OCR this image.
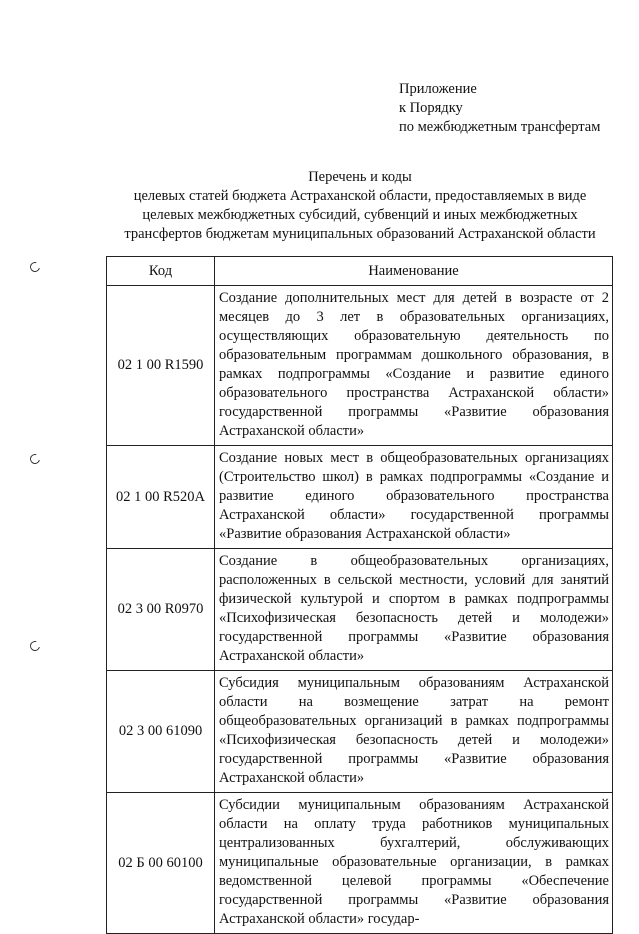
Приложение
к Порядку
по межбюджетным трансфертам
Перечень и коды
целевых статей бюджета Астраханской области, предоставляемых в виде
целевых межбюджетных субсидий, субвенций и иных межбюджетных
трансфертов бюджетам муниципальных образований Астраханской области
Код	Наименование
02 1 00 R1590	Создание дополнительных мест для детей в возрасте от 2 месяцев до 3 лет в образовательных организациях, осуществляющих образовательную деятельность по образовательным программам дошкольного образования, в рамках подпрограммы «Создание и развитие единого образовательного пространства Астраханской области» государственной программы «Развитие образования Астраханской области»
02 1 00 R520A	Создание новых мест в общеобразовательных организациях (Строительство школ) в рамках подпрограммы «Создание и развитие единого образовательного пространства Астраханской области» государственной программы «Развитие образования Астраханской области»
02 3 00 R0970	Создание в общеобразовательных организациях, расположенных в сельской местности, условий для занятий физической культурой и спортом в рамках подпрограммы «Психофизическая безопасность детей и молодежи» государственной программы «Развитие образования Астраханской области»
02 3 00 61090	Субсидия муниципальным образованиям Астраханской области на возмещение затрат на ремонт общеобразовательных организаций в рамках подпрограммы «Психофизическая безопасность детей и молодежи» государственной программы «Развитие образования Астраханской области»
02 Б 00 60100	Субсидии муниципальным образованиям Астраханской области на оплату труда работников муниципальных централизованных бухгалтерий, обслуживающих муниципальные образовательные организации, в рамках ведомственной целевой программы «Обеспечение государственной программы «Развитие образования Астраханской области» государ-
